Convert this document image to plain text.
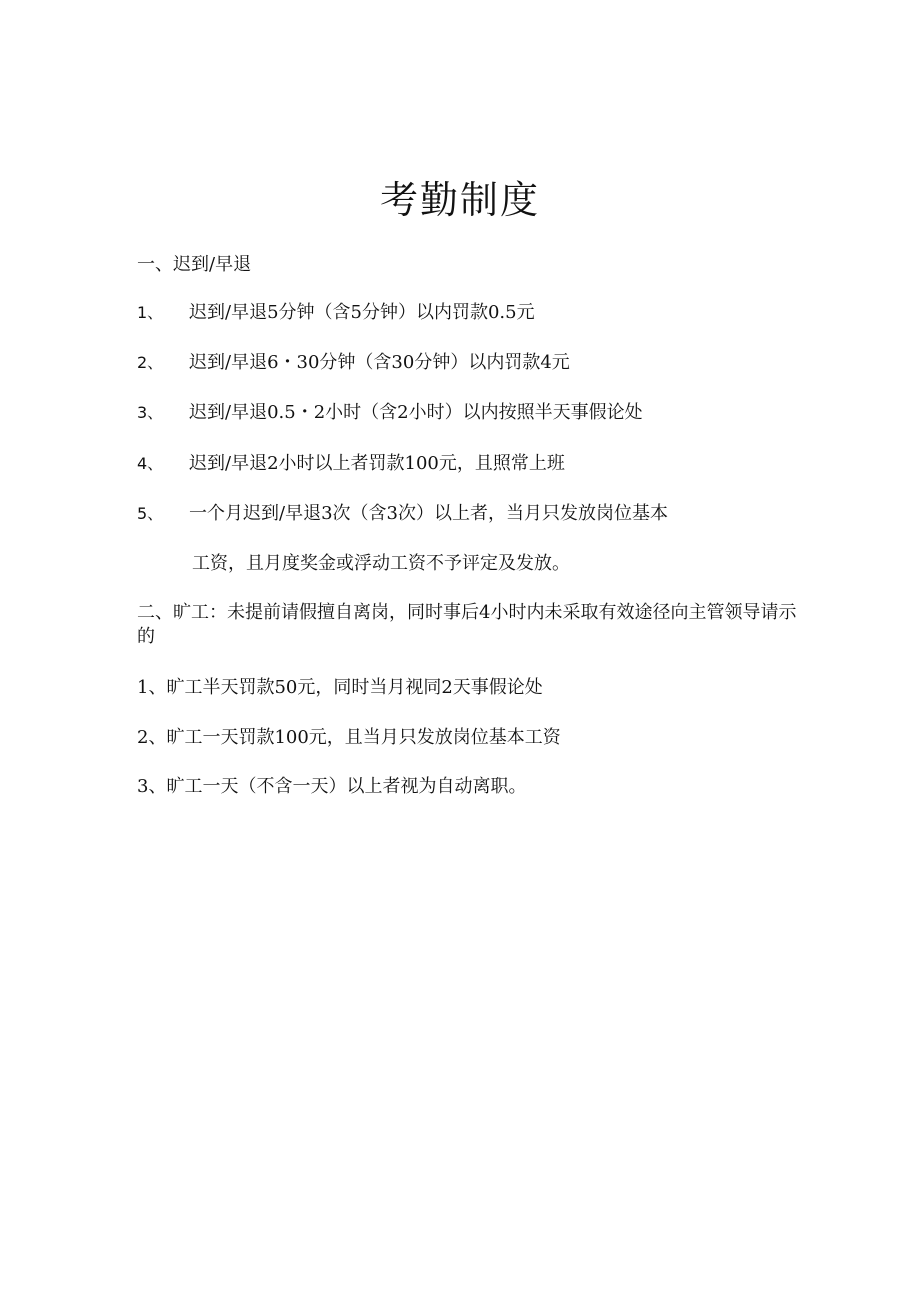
考勤制度
一、迟到/早退
1、 迟到/早退5分钟（含5分钟）以内罚款0.5元
2、 迟到/早退6・30分钟（含30分钟）以内罚款4元
3、 迟到/早退0.5・2小时（含2小时）以内按照半天事假论处
4、 迟到/早退2小时以上者罚款100元，且照常上班
5、 一个月迟到/早退3次（含3次）以上者，当月只发放岗位基本
工资，且月度奖金或浮动工资不予评定及发放。
二、旷工：未提前请假擅自离岗，同时事后4小时内未采取有效途径向主管领导请示的
1、旷工半天罚款50元，同时当月视同2天事假论处
2、旷工一天罚款100元，且当月只发放岗位基本工资
3、旷工一天（不含一天）以上者视为自动离职。
